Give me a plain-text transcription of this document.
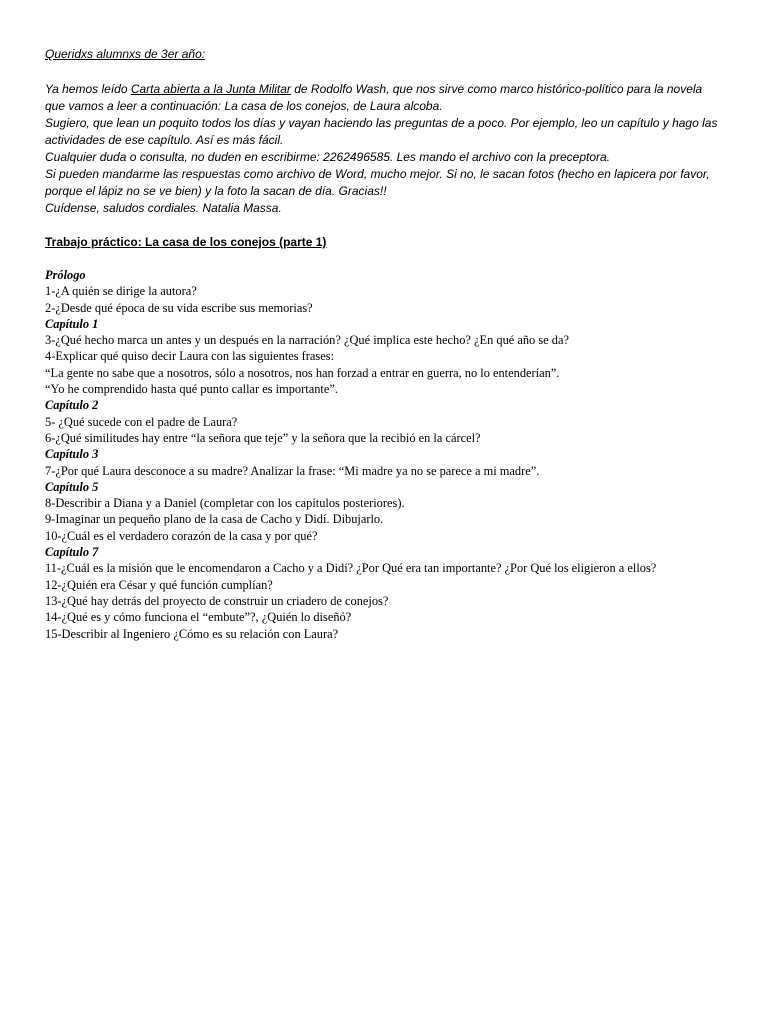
Queridxs alumnxs de 3er año:

Ya hemos leído Carta abierta a la Junta Militar de Rodolfo Wash, que nos sirve como marco histórico-político para la novela que vamos a leer a continuación: La casa de los conejos, de Laura alcoba.

Sugiero, que lean un poquito todos los días y vayan haciendo las preguntas de a poco. Por ejemplo, leo un capítulo y hago las actividades de ese capítulo. Así es más fácil.

Cualquier duda o consulta, no duden en escribirme: 2262496585. Les mando el archivo con la preceptora.

Si pueden mandarme las respuestas como archivo de Word, mucho mejor. Si no, le sacan fotos (hecho en lapicera por favor, porque el lápiz no se ve bien) y la foto la sacan de día. Gracias!!

Cuídense, saludos cordiales. Natalia Massa.

Trabajo práctico: La casa de los conejos (parte 1)

Prólogo

1-¿A quién se dirige la autora?

2-¿Desde qué época de su vida escribe sus memorias?

Capítulo 1

3-¿Qué hecho marca un antes y un después en la narración? ¿Qué implica este hecho? ¿En qué año se da?

4-Explicar qué quiso decir Laura con las siguientes frases:

“La gente no sabe que a nosotros, sólo a nosotros, nos han forzad a entrar en guerra, no lo entenderían”.

“Yo he comprendido hasta qué punto callar es importante”.

Capítulo 2

5- ¿Qué sucede con el padre de Laura?

6-¿Qué similitudes hay entre “la señora que teje” y la señora que la recibió en la cárcel?

Capítulo 3

7-¿Por qué Laura desconoce a su madre? Analizar la frase: “Mi madre ya no se parece a mi madre”.

Capítulo 5

8-Describir a Diana y a Daniel (completar con los capítulos posteriores).

9-Imaginar un pequeño plano de la casa de Cacho y Didí. Dibujarlo.

10-¿Cuál es el verdadero corazón de la casa y por qué?

Capítulo 7

11-¿Cuál es la misión que le encomendaron a Cacho y a Didí? ¿Por Qué era tan importante? ¿Por Qué los eligieron a ellos?

12-¿Quién era César y qué función cumplían?

13-¿Qué hay detrás del proyecto de construir un criadero de conejos?

14-¿Qué es y cómo funciona el “embute”?, ¿Quién lo diseñó?

15-Describir al Ingeniero ¿Cómo es su relación con Laura?
